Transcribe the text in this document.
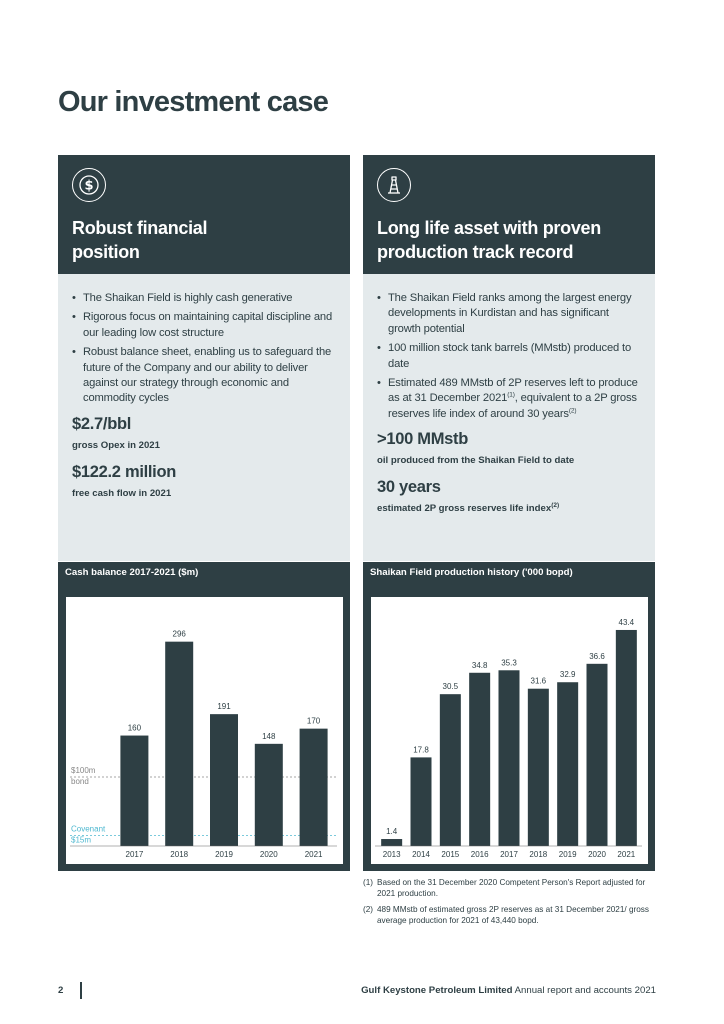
Our investment case
$
Robust financial
position
• The Shaikan Field is highly cash generative
• Rigorous focus on maintaining capital discipline and our leading low cost structure
• Robust balance sheet, enabling us to safeguard the future of the Company and our ability to deliver against our strategy through economic and commodity cycles
$2.7/bbl
gross Opex in 2021
$122.2 million
free cash flow in 2021
Long life asset with proven
production track record
• The Shaikan Field ranks among the largest energy developments in Kurdistan and has significant growth potential
• 100 million stock tank barrels (MMstb) produced to date
• Estimated 489 MMstb of 2P reserves left to produce as at 31 December 2021$^{(1)}$, equivalent to a 2P gross reserves life index of around 30 years$^{(2)}$
>100 MMstb
oil produced from the Shaikan Field to date
30 years
estimated 2P gross reserves life index$^{(2)}$
Cash balance 2017-2021 ($m)
$100m
bond
Covenant
$15m
160
2017
296
2018
191
2019
148
2020
170
2021
Shaikan Field production history ('000 bopd)
1.4
2013
17.8
2014
30.5
2015
34.8
2016
35.3
2017
31.6
2018
32.9
2019
36.6
2020
43.4
2021
(1) Based on the 31 December 2020 Competent Person's Report adjusted for 2021 production.
(2) 489 MMstb of estimated gross 2P reserves as at 31 December 2021/ gross average production for 2021 of 43,440 bopd.
2	Gulf Keystone Petroleum Limited Annual report and accounts 2021
